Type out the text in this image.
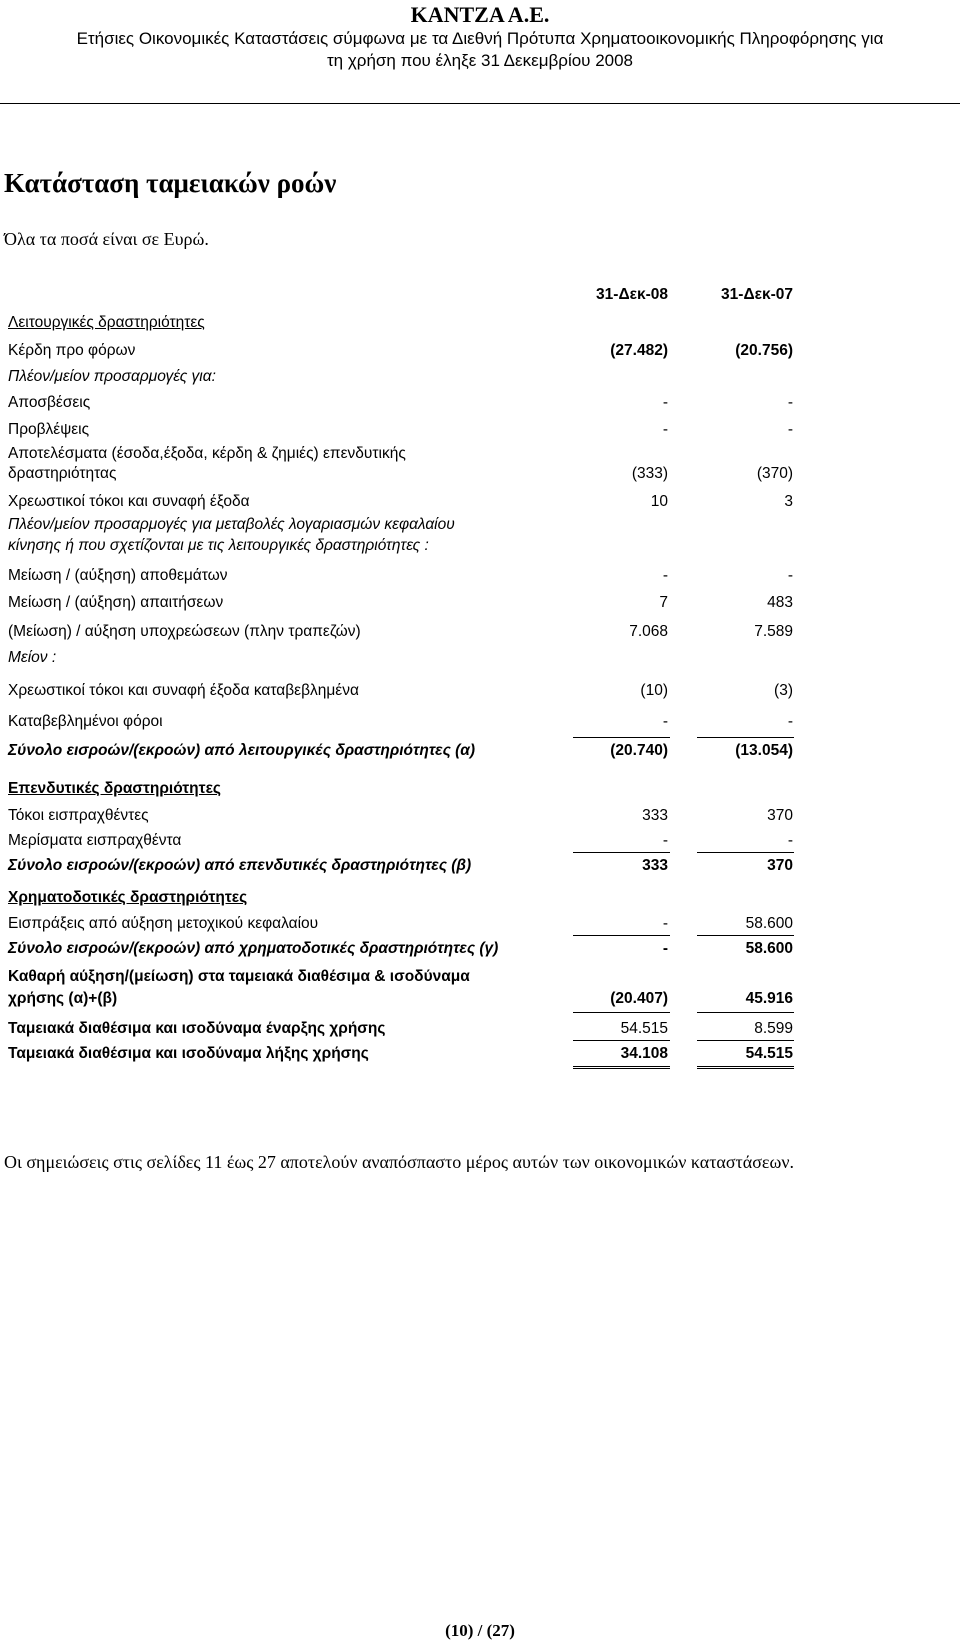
ΚΑΝΤΖΑ Α.Ε.
Ετήσιες Οικονομικές Καταστάσεις σύμφωνα με τα Διεθνή Πρότυπα Χρηματοοικονομικής Πληροφόρησης για
τη χρήση που έληξε 31 Δεκεμβρίου 2008
Κατάσταση ταμειακών ροών
Όλα τα ποσά είναι σε Ευρώ.
31-Δεκ-08	31-Δεκ-07
Λειτουργικές δραστηριότητες
Κέρδη προ φόρων	(27.482)	(20.756)
Πλέον/μείον προσαρμογές για:
Αποσβέσεις	-	-
Προβλέψεις	-	-
Αποτελέσματα (έσοδα,έξοδα, κέρδη & ζημιές) επενδυτικής
δραστηριότητας	(333)	(370)
Χρεωστικοί τόκοι και συναφή έξοδα	10	3
Πλέον/μείον προσαρμογές για μεταβολές λογαριασμών κεφαλαίου
κίνησης ή που σχετίζονται με τις λειτουργικές δραστηριότητες :
Μείωση / (αύξηση) αποθεμάτων	-	-
Μείωση / (αύξηση) απαιτήσεων	7	483
(Μείωση) / αύξηση υποχρεώσεων (πλην τραπεζών)	7.068	7.589
Μείον :
Χρεωστικοί τόκοι και συναφή έξοδα καταβεβλημένα	(10)	(3)
Καταβεβλημένοι φόροι	-	-
Σύνολο εισροών/(εκροών) από λειτουργικές δραστηριότητες (α)	(20.740)	(13.054)
Επενδυτικές δραστηριότητες
Τόκοι εισπραχθέντες	333	370
Μερίσματα εισπραχθέντα	-	-
Σύνολο εισροών/(εκροών) από επενδυτικές δραστηριότητες (β)	333	370
Χρηματοδοτικές δραστηριότητες
Εισπράξεις από αύξηση μετοχικού κεφαλαίου	-	58.600
Σύνολο εισροών/(εκροών) από χρηματοδοτικές δραστηριότητες (γ)	-	58.600
Καθαρή αύξηση/(μείωση) στα ταμειακά διαθέσιμα & ισοδύναμα
χρήσης (α)+(β)	(20.407)	45.916
Ταμειακά διαθέσιμα και ισοδύναμα έναρξης χρήσης	54.515	8.599
Ταμειακά διαθέσιμα και ισοδύναμα λήξης χρήσης	34.108	54.515
Οι σημειώσεις στις σελίδες 11 έως 27 αποτελούν αναπόσπαστο μέρος αυτών των οικονομικών καταστάσεων.
(10) / (27)
